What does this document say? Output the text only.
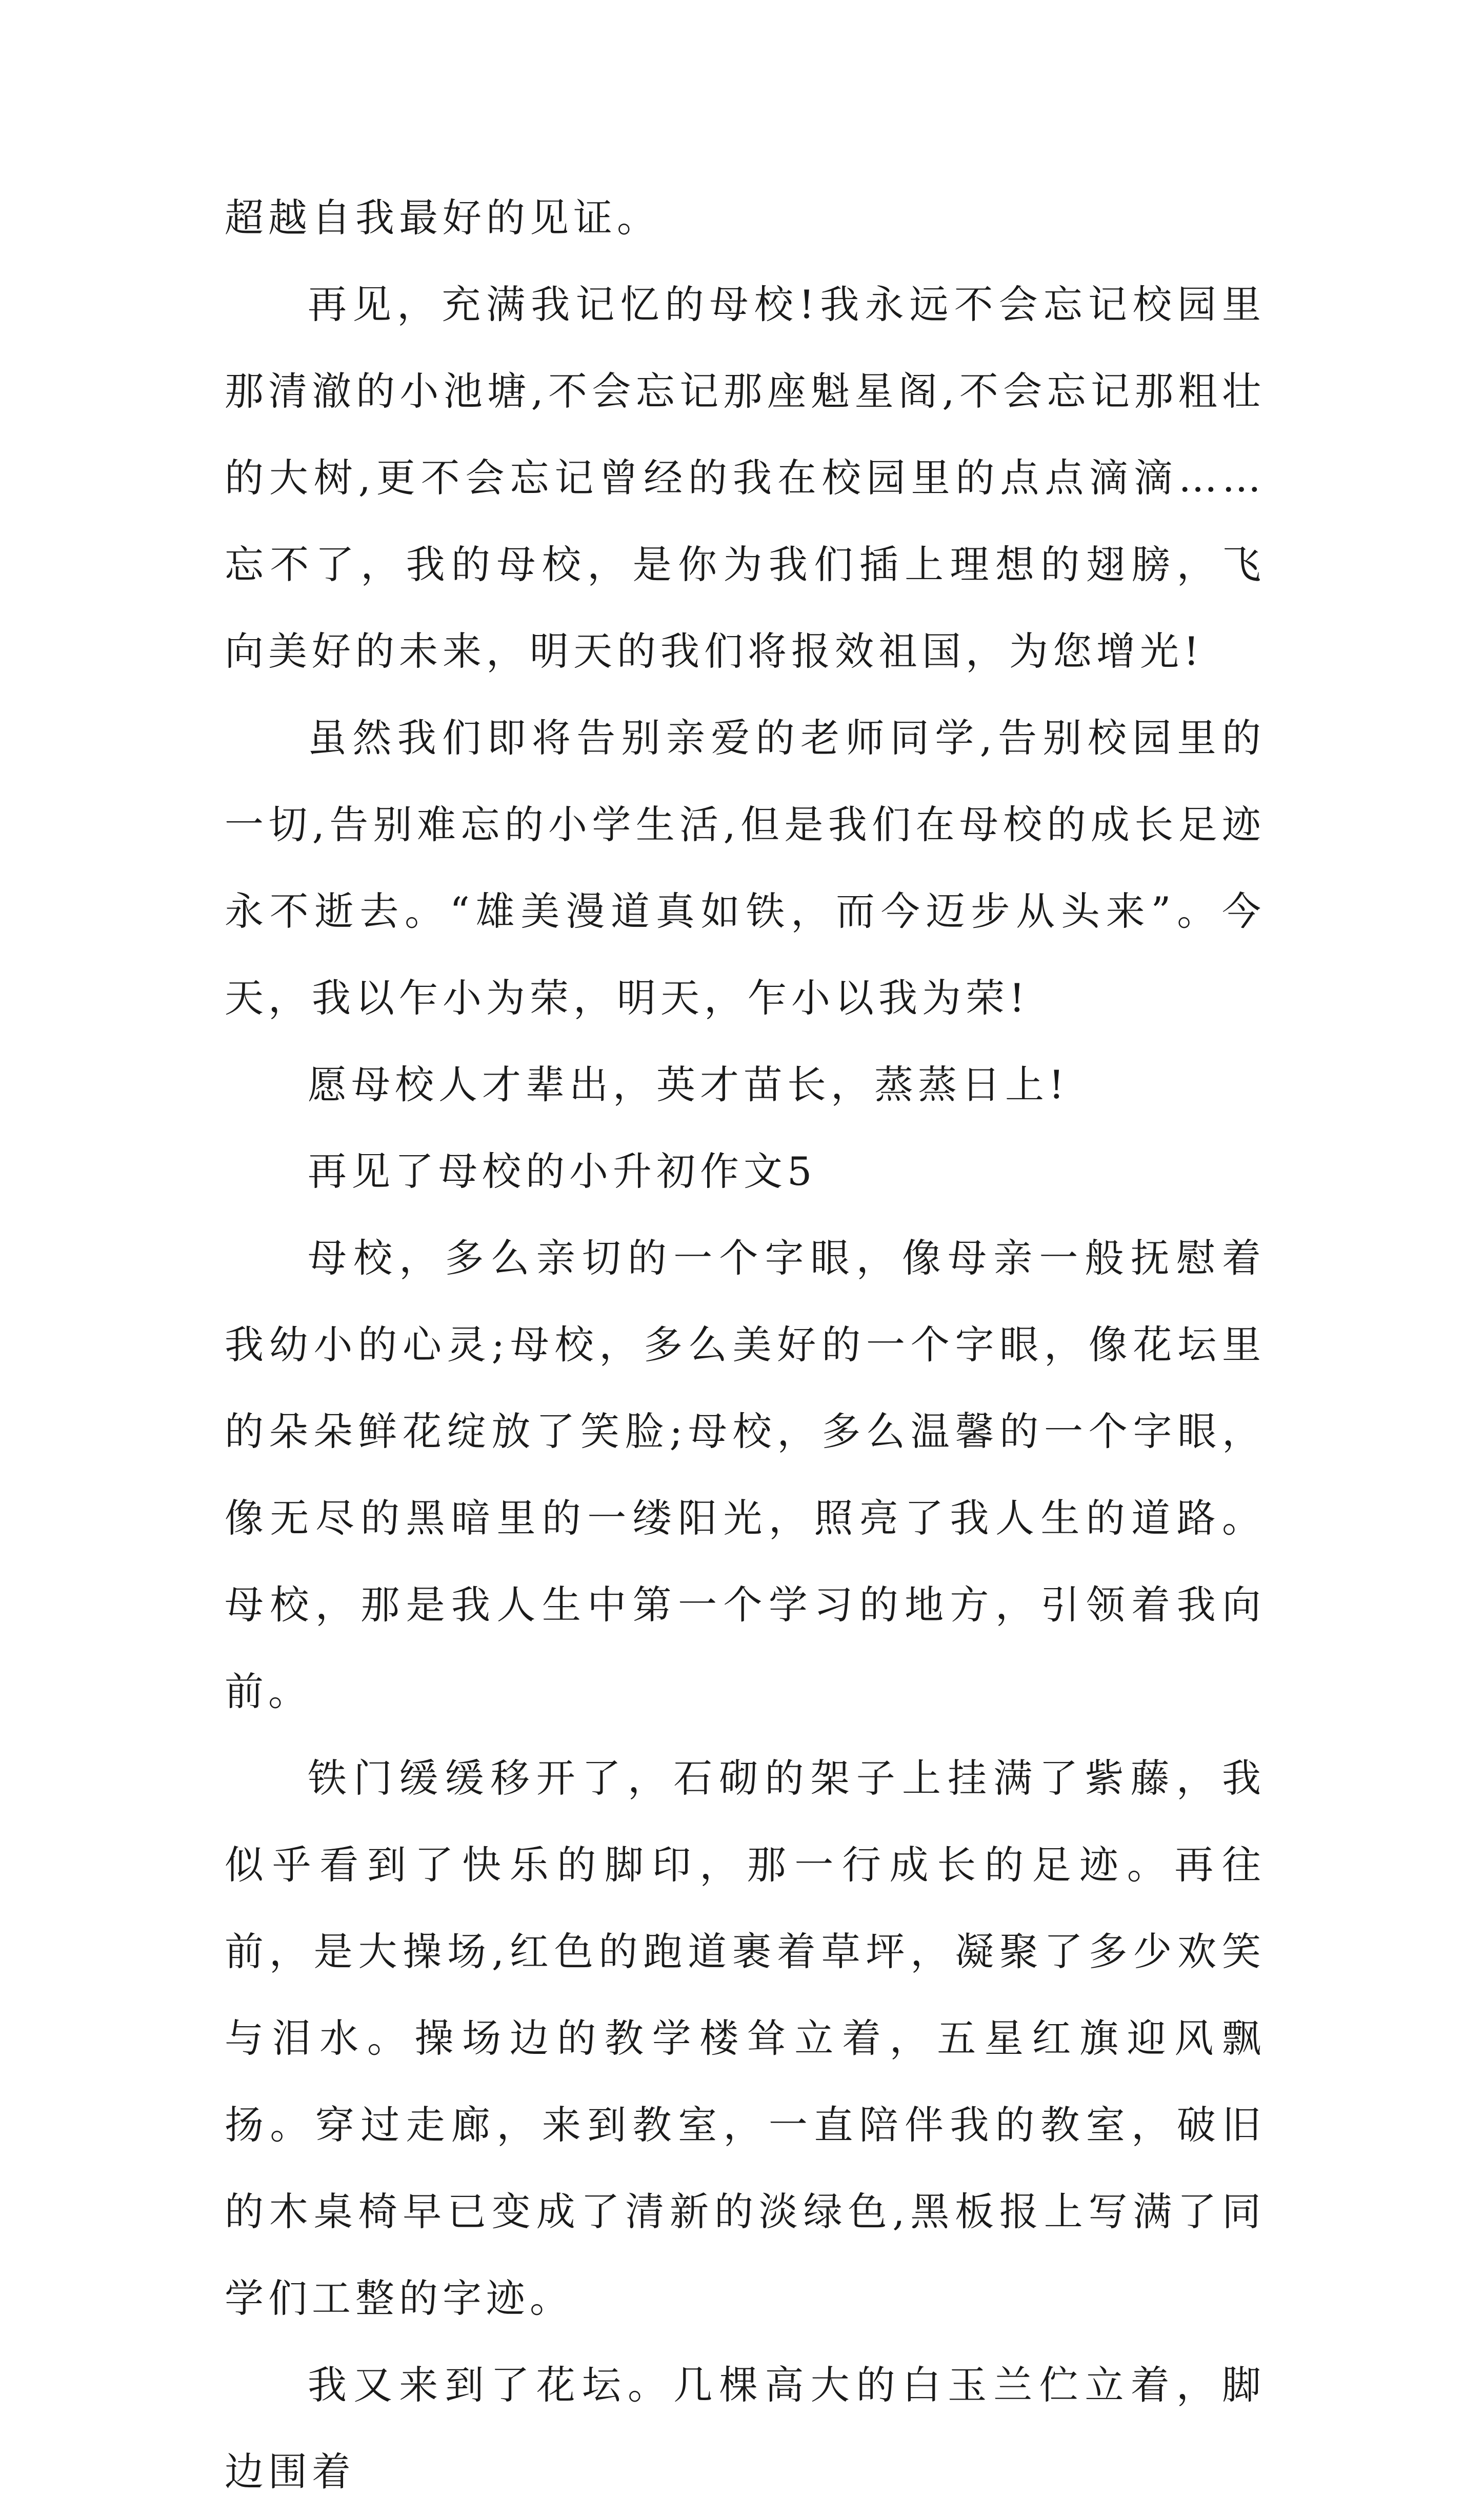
超越自我最好的见证。

再见，充满我记忆的母校!我永远不会忘记校园里那清澈的小池塘,不会忘记那座魁星阁,不会忘记那粗壮的大树,更不会忘记曾经的我在校园里的点点滴滴……忘不了，我的母校，是你为我们插上理想的翅膀，飞向美好的未来，明天的我们将报效祖国，为您增光!

虽然我们即将告别亲爱的老师同学,告别校园里的一切,告别难忘的小学生活,但是我们在母校的成长足迹永不逝去。“雄美漫道真如铁，而今迈步从头来”。今天，我以乍小为荣，明天，乍小以我为荣!

愿母校人才辈出，英才苗长，蒸蒸日上!

再见了母校的小升初作文5

母校，多么亲切的一个字眼，像母亲一般抚慰着我幼小的心灵;母校，多么美好的一个字眼，像花坛里的朵朵鲜花绽放了笑脸;母校，多么温馨的一个字眼，像无尽的黑暗里的一缕阳光，照亮了我人生的道路。母校，那是我人生中第一个学习的地方，引领着我向前。

铁门缓缓移开了，石砌的架子上挂满了紫藤，我似乎看到了快乐的脚印，那一行成长的足迹。再往前，是大操场,红色的跑道裹着草坪，凝聚了多少欢笑与泪水。操场边的教学楼耸立着，五星红旗迎风飘扬。穿过走廊，来到教室，一直陪伴我的教室，破旧的木桌椅早已变成了清新的淡绿色,黑板报上写满了同学们工整的字迹。

我又来到了花坛。几棵高大的白玉兰伫立着，脚边围着
